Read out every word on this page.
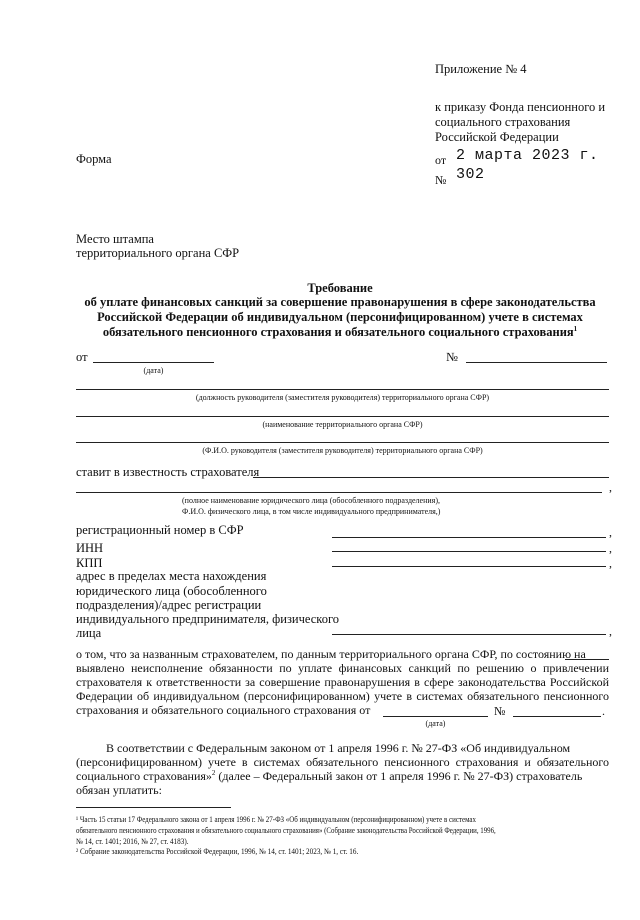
Приложение № 4
к приказу Фонда пенсионного и
социального страхования
Российской Федерации
Форма	от 2 марта 2023 г.
№ 302
Место штампа
территориального органа СФР
Требование
об уплате финансовых санкций за совершение правонарушения в сфере законодательства
Российской Федерации об индивидуальном (персонифицированном) учете в системах
обязательного пенсионного страхования и обязательного социального страхования$^1$
от
(дата)
№
(должность руководителя (заместителя руководителя) территориального органа СФР)
(наименование территориального органа СФР)
(Ф.И.О. руководителя (заместителя руководителя) территориального органа СФР)
ставит в известность страхователя
,
(полное наименование юридического лица (обособленного подразделения),
Ф.И.О. физического лица, в том числе индивидуального предпринимателя,)
регистрационный номер в СФР	,
ИНН	,
КПП	,
адрес в пределах места нахождения
юридического лица (обособленного
подразделения)/адрес регистрации
индивидуального предпринимателя, физического
лица	,
о том, что за названным страхователем, по данным территориального органа СФР, по состоянию на
выявлено неисполнение обязанности по уплате финансовых санкций по решению о привлечении
страхователя к ответственности за совершение правонарушения в сфере законодательства Российской
Федерации об индивидуальном (персонифицированном) учете в системах обязательного пенсионного
страхования и обязательного социального страхования от	№	.
(дата)
В соответствии с Федеральным законом от 1 апреля 1996 г. № 27-ФЗ «Об индивидуальном
(персонифицированном) учете в системах обязательного пенсионного страхования и обязательного
социального страхования»$^2$ (далее – Федеральный закон от 1 апреля 1996 г. № 27-ФЗ) страхователь
обязан уплатить:
¹ Часть 15 статьи 17 Федерального закона от 1 апреля 1996 г. № 27-ФЗ «Об индивидуальном (персонифицированном) учете в системах
обязательного пенсионного страхования и обязательного социального страхования» (Собрание законодательства Российской Федерации, 1996,
№ 14, ст. 1401; 2016, № 27, ст. 4183).
² Собрание законодательства Российской Федерации, 1996, № 14, ст. 1401; 2023, № 1, ст. 16.
